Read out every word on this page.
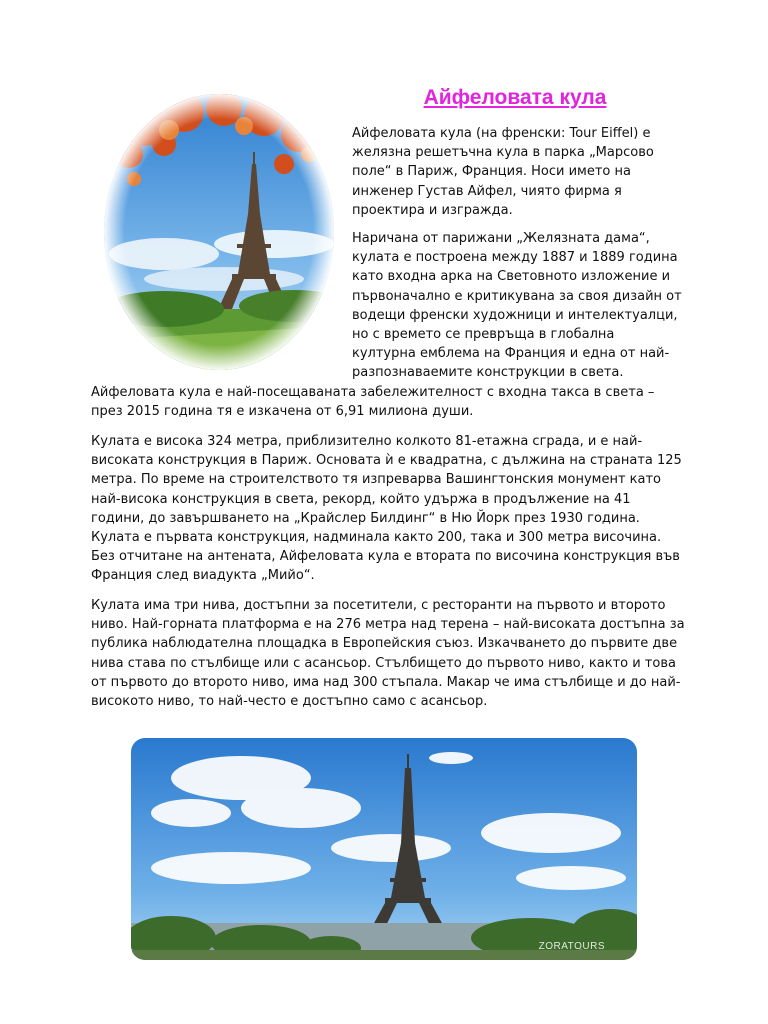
Айфеловата кула

Айфеловата кула (на френски: Tour Eiffel) е желязна решетъчна кула в парка „Марсово поле“ в Париж, Франция. Носи името на инженер Густав Айфел, чиято фирма я проектира и изгражда.

Наричана от парижани „Желязната дама“, кулата е построена между 1887 и 1889 година като входна арка на Световното изложение и първоначално е критикувана за своя дизайн от водещи френски художници и интелектуалци, но с времето се превръща в глобална културна емблема на Франция и една от най-разпознаваемите конструкции в света.

Айфеловата кула е най-посещаваната забележителност с входна такса в света – през 2015 година тя е изкачена от 6,91 милиона души.

Кулата е висока 324 метра, приблизително колкото 81-етажна сграда, и е най-високата конструкция в Париж. Основата ѝ е квадратна, с дължина на страната 125 метра. По време на строителството тя изпреварва Вашингтонския монумент като най-висока конструкция в света, рекорд, който удържа в продължение на 41 години, до завършването на „Крайслер Билдинг“ в Ню Йорк през 1930 година. Кулата е първата конструкция, надминала както 200, така и 300 метра височина. Без отчитане на антената, Айфеловата кула е втората по височина конструкция във Франция след виадукта „Мийо“.

Кулата има три нива, достъпни за посетители, с ресторанти на първото и второто ниво. Най-горната платформа е на 276 метра над терена – най-високата достъпна за публика наблюдателна площадка в Европейския съюз. Изкачването до първите две нива става по стълбище или с асансьор. Стълбището до първото ниво, както и това от първото до второто ниво, има над 300 стъпала. Макар че има стълбище и до най-високото ниво, то най-често е достъпно само с асансьор.

ZORATOURS
